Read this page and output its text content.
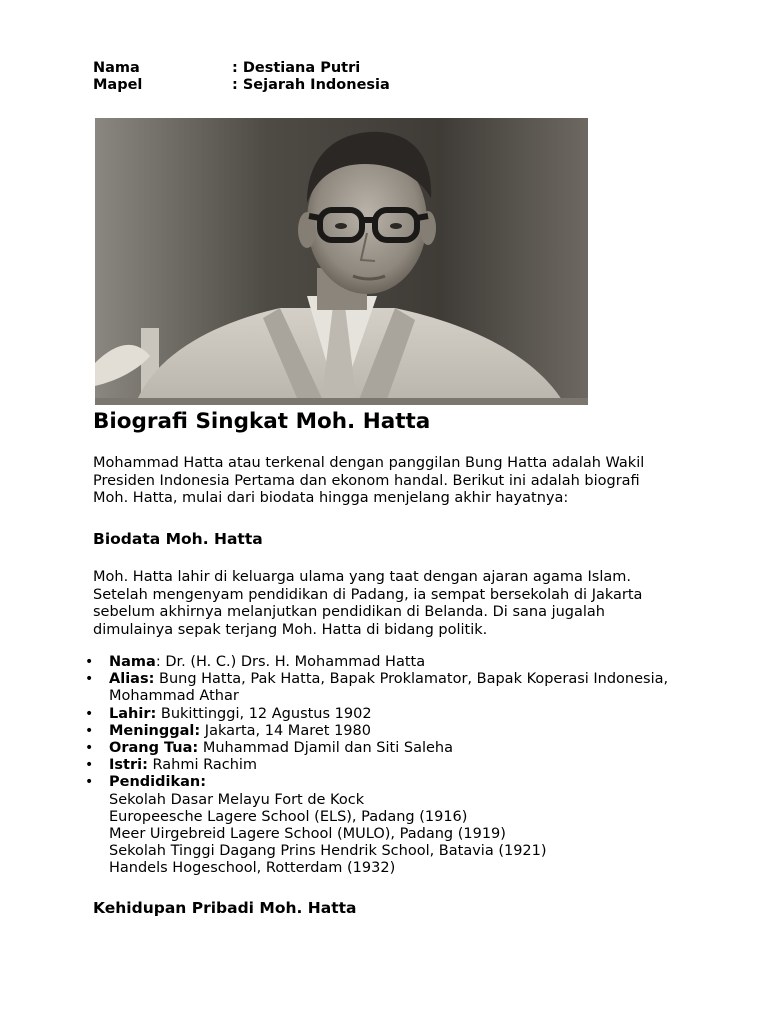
Nama	: Destiana Putri
Mapel	: Sejarah Indonesia
Biografi Singkat Moh. Hatta

Mohammad Hatta atau terkenal dengan panggilan Bung Hatta adalah Wakil
Presiden Indonesia Pertama dan ekonom handal. Berikut ini adalah biografi
Moh. Hatta, mulai dari biodata hingga menjelang akhir hayatnya:

Biodata Moh. Hatta

Moh. Hatta lahir di keluarga ulama yang taat dengan ajaran agama Islam.
Setelah mengenyam pendidikan di Padang, ia sempat bersekolah di Jakarta
sebelum akhirnya melanjutkan pendidikan di Belanda. Di sana jugalah
dimulainya sepak terjang Moh. Hatta di bidang politik.

• Nama: Dr. (H. C.) Drs. H. Mohammad Hatta
• Alias: Bung Hatta, Pak Hatta, Bapak Proklamator, Bapak Koperasi Indonesia,
Mohammad Athar
• Lahir: Bukittinggi, 12 Agustus 1902
• Meninggal: Jakarta, 14 Maret 1980
• Orang Tua: Muhammad Djamil dan Siti Saleha
• Istri: Rahmi Rachim
• Pendidikan:
Sekolah Dasar Melayu Fort de Kock
Europeesche Lagere School (ELS), Padang (1916)
Meer Uirgebreid Lagere School (MULO), Padang (1919)
Sekolah Tinggi Dagang Prins Hendrik School, Batavia (1921)
Handels Hogeschool, Rotterdam (1932)
Kehidupan Pribadi Moh. Hatta
